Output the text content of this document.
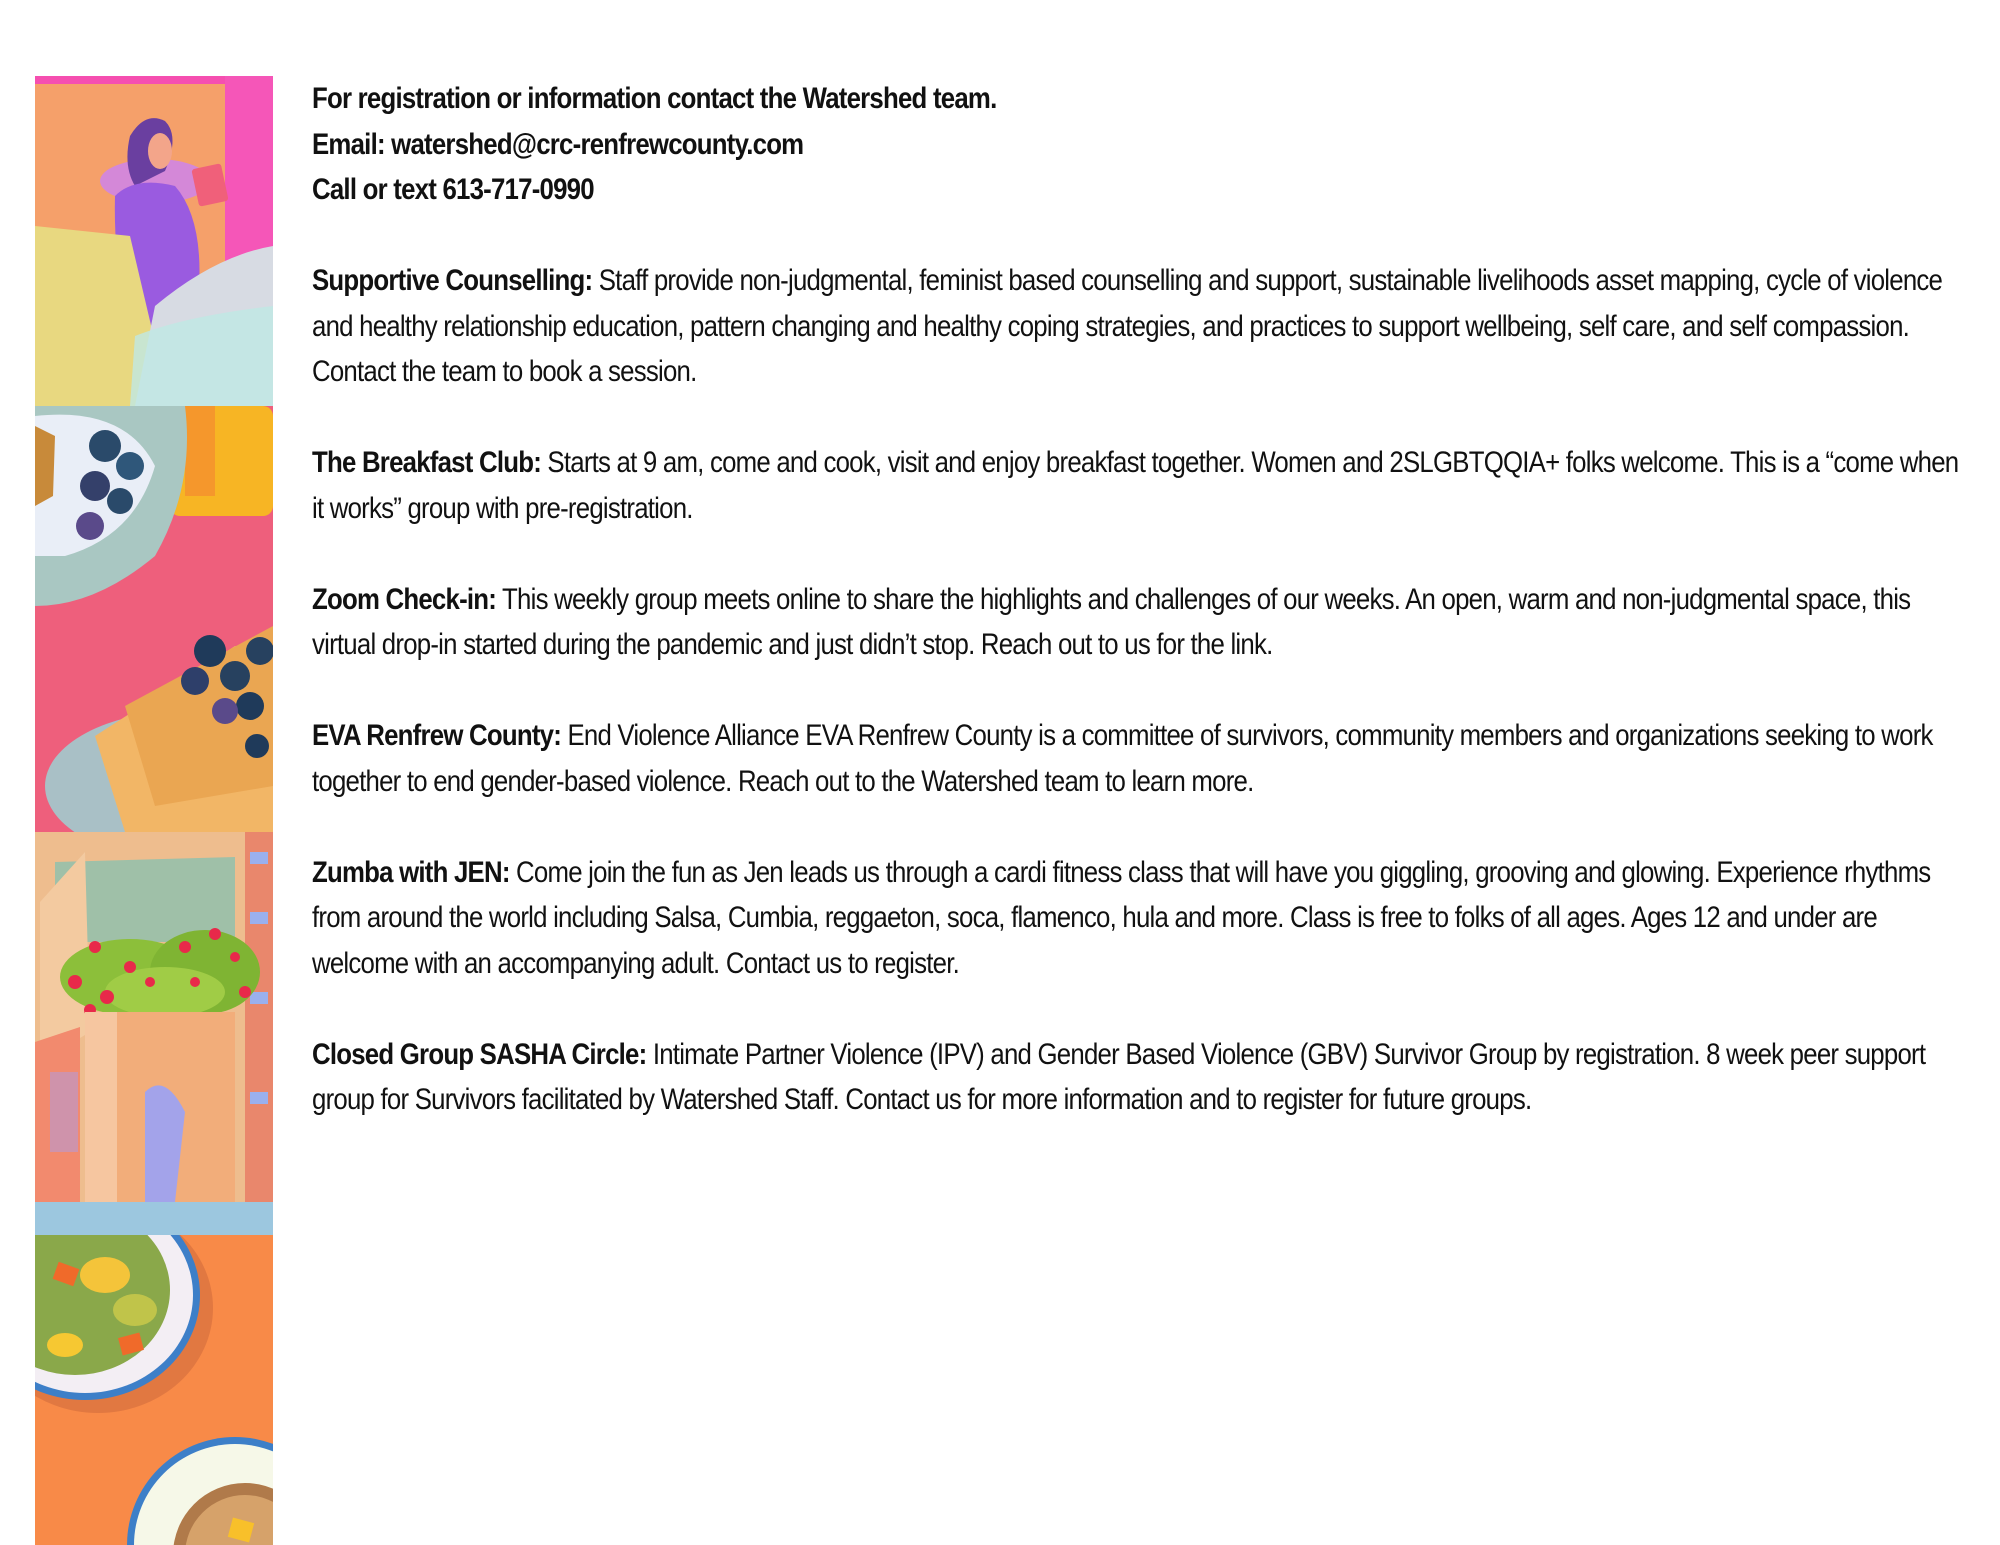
For registration or information contact the Watershed team.

Email: watershed@crc-renfrewcounty.com

Call or text 613-717-0990

Supportive Counselling: Staff provide non-judgmental, feminist based counselling and support, sustainable livelihoods asset mapping, cycle of violence and healthy relationship education, pattern changing and healthy coping strategies, and practices to support wellbeing, self care, and self compassion. Contact the team to book a session.

The Breakfast Club: Starts at 9 am, come and cook, visit and enjoy breakfast together. Women and 2SLGBTQQIA+ folks welcome. This is a “come when it works” group with pre-registration.

Zoom Check-in: This weekly group meets online to share the highlights and challenges of our weeks. An open, warm and non-judgmental space, this virtual drop-in started during the pandemic and just didn’t stop. Reach out to us for the link.

EVA Renfrew County: End Violence Alliance EVA Renfrew County is a committee of survivors, community members and organizations seeking to work together to end gender-based violence. Reach out to the Watershed team to learn more.

Zumba with JEN: Come join the fun as Jen leads us through a cardi fitness class that will have you giggling, grooving and glowing. Experience rhythms from around the world including Salsa, Cumbia, reggaeton, soca, flamenco, hula and more. Class is free to folks of all ages. Ages 12 and under are welcome with an accompanying adult. Contact us to register.

Closed Group SASHA Circle: Intimate Partner Violence (IPV) and Gender Based Violence (GBV) Survivor Group by registration. 8 week peer support group for Survivors facilitated by Watershed Staff. Contact us for more information and to register for future groups.
